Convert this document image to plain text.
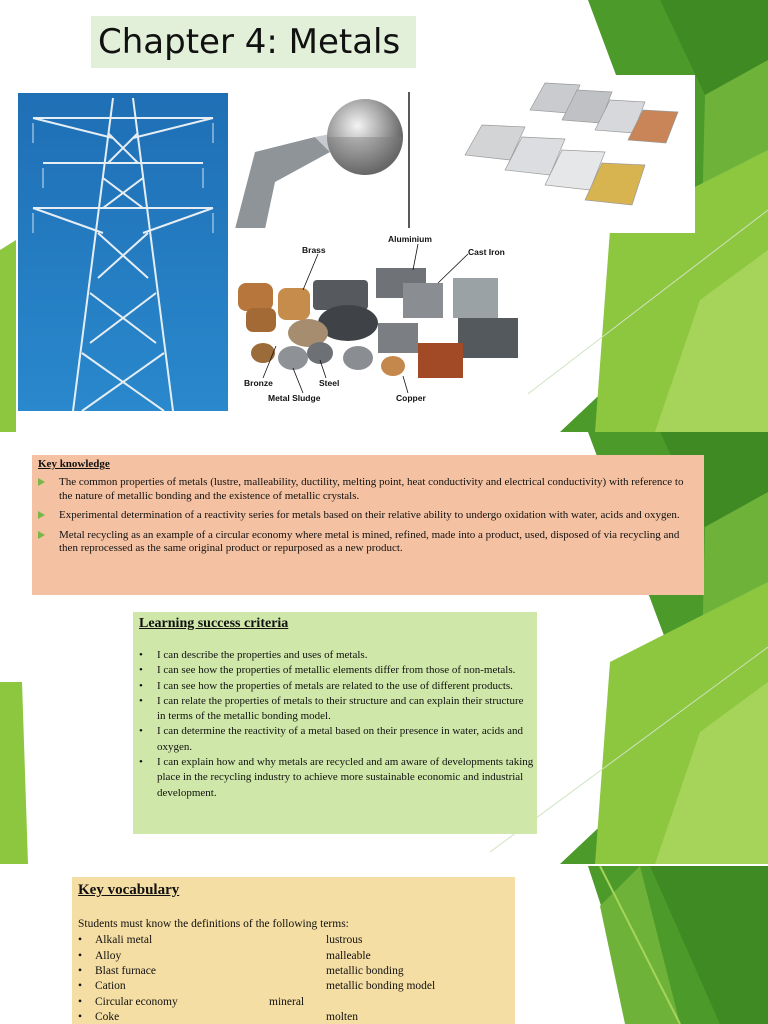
Chapter 4: Metals
Aluminium
Brass	Cast Iron
Bronze	Steel
Copper
Metal Sludge
Key knowledge
The common properties of metals (lustre, malleability, ductility, melting point, heat conductivity and electrical conductivity) with reference to the nature of metallic bonding and the existence of metallic crystals.
Experimental determination of a reactivity series for metals based on their relative ability to undergo oxidation with water, acids and oxygen.
Metal recycling as an example of a circular economy where metal is mined, refined, made into a product, used, disposed of via recycling and then reprocessed as the same original product or repurposed as a new product.
Learning success criteria
• I can describe the properties and uses of metals.
• I can see how the properties of metallic elements differ from those of non-metals.
• I can see how the properties of metals are related to the use of different products.
• I can relate the properties of metals to their structure and can explain their structure in terms of the metallic bonding model.
• I can determine the reactivity of a metal based on their presence in water, acids and oxygen.
• I can explain how and why metals are recycled and am aware of developments taking place in the recycling industry to achieve more sustainable economic and industrial development.
Key vocabulary
Students must know the definitions of the following terms:
• Alkali metal	lustrous
• Alloy	malleable
• Blast furnace	metallic bonding
• Cation	metallic bonding model
• Circular economy	mineral
• Coke	molten
